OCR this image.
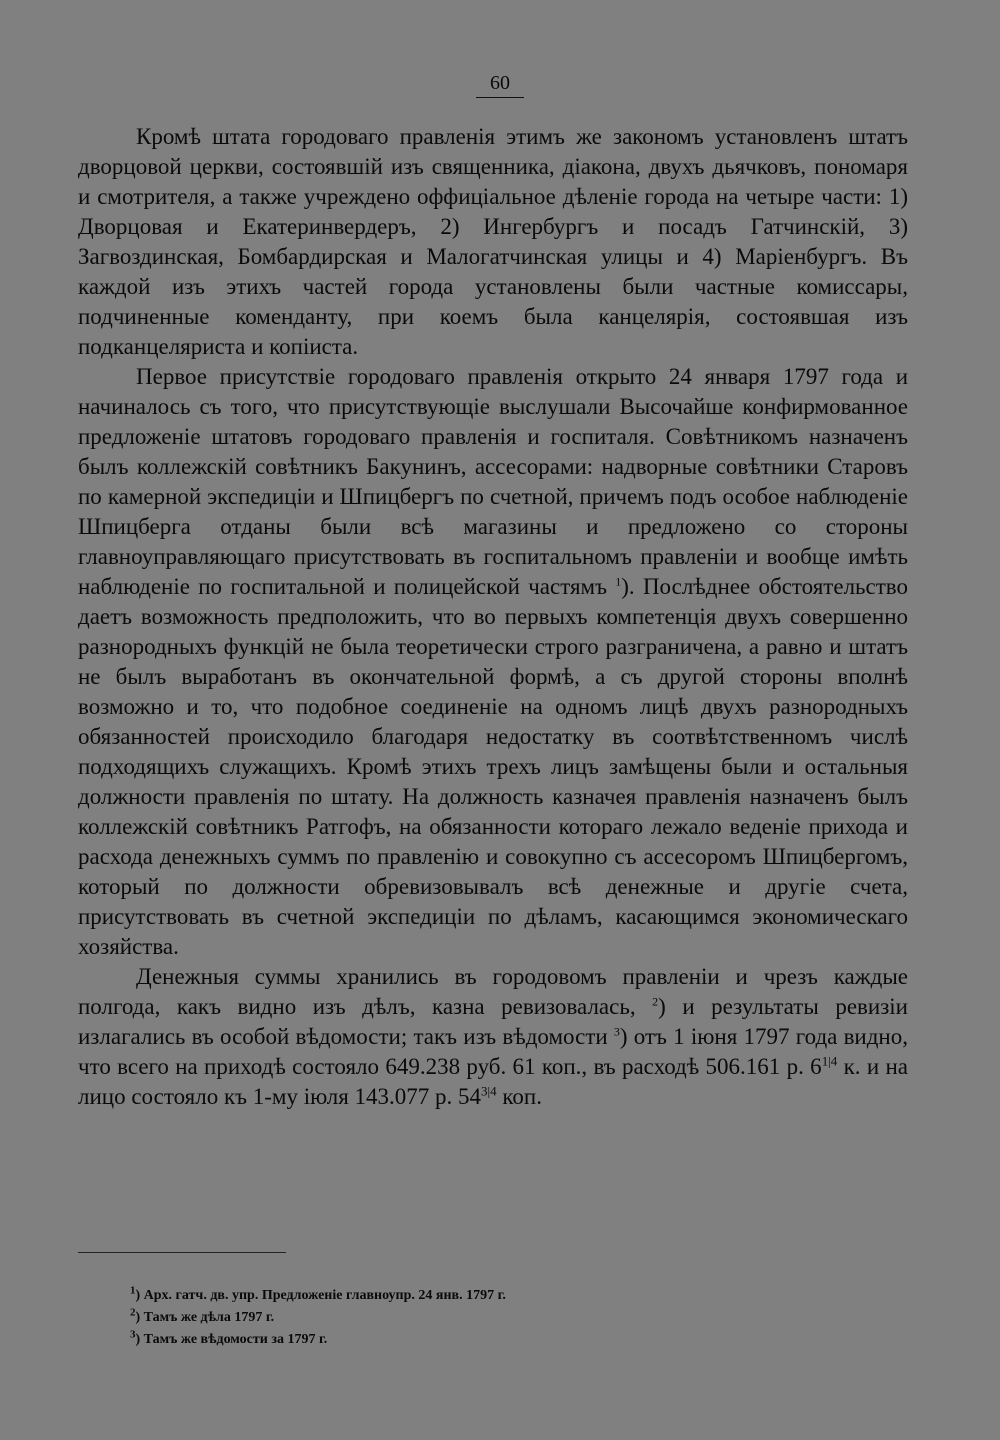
60

Кромѣ штата городоваго правленія этимъ же закономъ установленъ штатъ дворцовой церкви, состоявшій изъ священника, діакона, двухъ дьячковъ, пономаря и смотрителя, а также учреждено оффиціальное дѣленіе города на четыре части: 1) Дворцовая и Екатеринвердеръ, 2) Ингербургъ и посадъ Гатчинскій, 3) Загвоздинская, Бомбардирская и Малогатчинская улицы и 4) Маріенбургъ. Въ каждой изъ этихъ частей города установлены были частные комиссары, подчиненные коменданту, при коемъ была канцелярія, состоявшая изъ подканцеляриста и копіиста.

Первое присутствіе городоваго правленія открыто 24 января 1797 года и начиналось съ того, что присутствующіе выслушали Высочайше конфирмованное предложеніе штатовъ городоваго правленія и госпиталя. Совѣтникомъ назначенъ былъ коллежскій совѣтникъ Бакунинъ, ассесорами: надворные совѣтники Старовъ по камерной экспедиціи и Шпицбергъ по счетной, причемъ подъ особое наблюденіе Шпицберга отданы были всѣ магазины и предложено со стороны главноуправляющаго присутствовать въ госпитальномъ правленіи и вообще имѣть наблюденіе по госпитальной и полицейской частямъ $^1$). Послѣднее обстоятельство даетъ возможность предположить, что во первыхъ компетенція двухъ совершенно разнородныхъ функцій не была теоретически строго разграничена, а равно и штатъ не былъ выработанъ въ окончательной формѣ, а съ другой стороны вполнѣ возможно и то, что подобное соединеніе на одномъ лицѣ двухъ разнородныхъ обязанностей происходило благодаря недостатку въ соотвѣтственномъ числѣ подходящихъ служащихъ. Кромѣ этихъ трехъ лицъ замѣщены были и остальныя должности правленія по штату. На должность казначея правленія назначенъ былъ коллежскій совѣтникъ Ратгофъ, на обязанности котораго лежало веденіе прихода и расхода денежныхъ суммъ по правленію и совокупно съ ассесоромъ Шпицбергомъ, который по должности обревизовывалъ всѣ денежные и другіе счета, присутствовать въ счетной экспедиціи по дѣламъ, касающимся экономическаго хозяйства.

Денежныя суммы хранились въ городовомъ правленіи и чрезъ каждые полгода, какъ видно изъ дѣлъ, казна ревизовалась, $^2$) и результаты ревизіи излагались въ особой вѣдомости; такъ изъ вѣдомости $^3$) отъ 1 іюня 1797 года видно, что всего на приходѣ состояло 649.238 руб. 61 коп., въ расходѣ 506.161 р. $6^{1|4}$ к. и на лицо состояло къ 1-му іюля 143.077 р. $54^{3|4}$ коп.

$^1$) Арх. гатч. дв. упр. Предложеніе главноупр. 24 янв. 1797 г.
$^2$) Тамъ же дѣла 1797 г.
$^3$) Тамъ же вѣдомости за 1797 г.
